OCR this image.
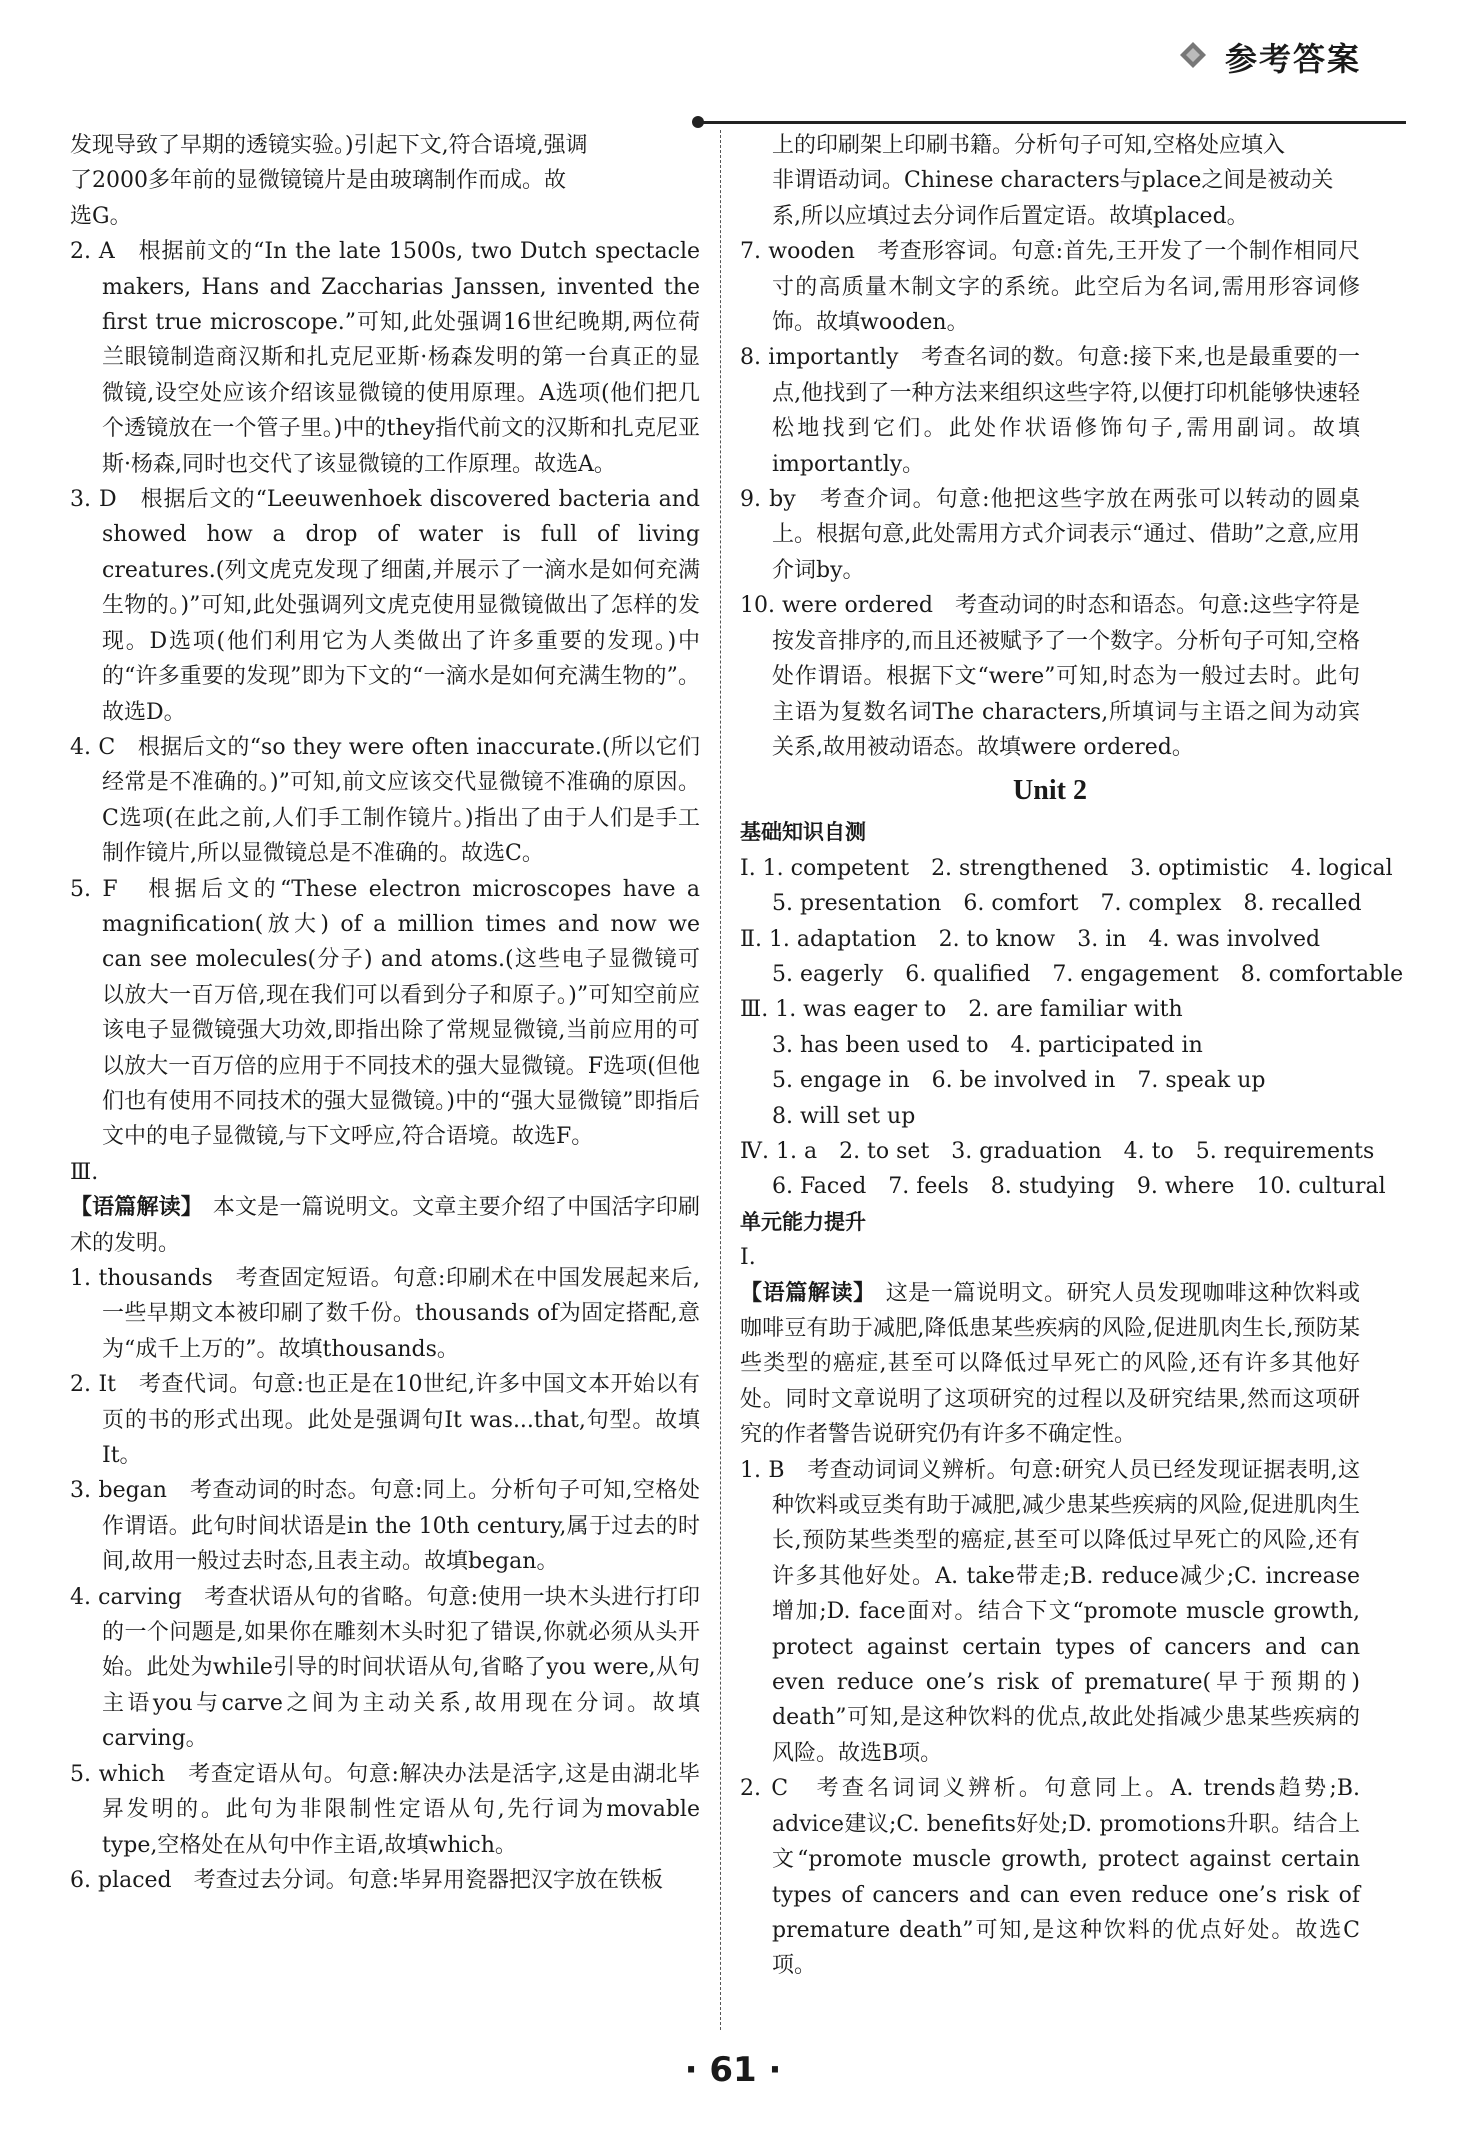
参考答案

发现导致了早期的透镜实验。)引起下文,符合语境,强调

了2000多年前的显微镜镜片是由玻璃制作而成。故

选G。

2. A　根据前文的“In the late 1500s, two Dutch spectacle makers, Hans and Zaccharias Janssen, invented the first true microscope.”可知,此处强调16世纪晚期,两位荷兰眼镜制造商汉斯和扎克尼亚斯·杨森发明的第一台真正的显微镜,设空处应该介绍该显微镜的使用原理。A选项(他们把几个透镜放在一个管子里。)中的they指代前文的汉斯和扎克尼亚斯·杨森,同时也交代了该显微镜的工作原理。故选A。

3. D　根据后文的“Leeuwenhoek discovered bacteria and showed how a drop of water is full of living creatures.(列文虎克发现了细菌,并展示了一滴水是如何充满生物的。)”可知,此处强调列文虎克使用显微镜做出了怎样的发现。D选项(他们利用它为人类做出了许多重要的发现。)中的“许多重要的发现”即为下文的“一滴水是如何充满生物的”。故选D。

4. C　根据后文的“so they were often inaccurate.(所以它们经常是不准确的。)”可知,前文应该交代显微镜不准确的原因。C选项(在此之前,人们手工制作镜片。)指出了由于人们是手工制作镜片,所以显微镜总是不准确的。故选C。

5. F　根据后文的“These electron microscopes have a magnification(放大) of a million times and now we can see molecules(分子) and atoms.(这些电子显微镜可以放大一百万倍,现在我们可以看到分子和原子。)”可知空前应该电子显微镜强大功效,即指出除了常规显微镜,当前应用的可以放大一百万倍的应用于不同技术的强大显微镜。F选项(但他们也有使用不同技术的强大显微镜。)中的“强大显微镜”即指后文中的电子显微镜,与下文呼应,符合语境。故选F。

Ⅲ.

【语篇解读】 本文是一篇说明文。文章主要介绍了中国活字印刷术的发明。

1. thousands　考查固定短语。句意:印刷术在中国发展起来后,一些早期文本被印刷了数千份。thousands of为固定搭配,意为“成千上万的”。故填thousands。

2. It　考查代词。句意:也正是在10世纪,许多中国文本开始以有页的书的形式出现。此处是强调句It was...that,句型。故填It。

3. began　考查动词的时态。句意:同上。分析句子可知,空格处作谓语。此句时间状语是in the 10th century,属于过去的时间,故用一般过去时态,且表主动。故填began。

4. carving　考查状语从句的省略。句意:使用一块木头进行打印的一个问题是,如果你在雕刻木头时犯了错误,你就必须从头开始。此处为while引导的时间状语从句,省略了you were,从句主语you与carve之间为主动关系,故用现在分词。故填carving。

5. which　考查定语从句。句意:解决办法是活字,这是由湖北毕昇发明的。此句为非限制性定语从句,先行词为movable type,空格处在从句中作主语,故填which。

6. placed　考查过去分词。句意:毕昇用瓷器把汉字放在铁板

上的印刷架上印刷书籍。分析句子可知,空格处应填入

非谓语动词。Chinese characters与place之间是被动关

系,所以应填过去分词作后置定语。故填placed。

7. wooden　考查形容词。句意:首先,王开发了一个制作相同尺寸的高质量木制文字的系统。此空后为名词,需用形容词修饰。故填wooden。

8. importantly　考查名词的数。句意:接下来,也是最重要的一点,他找到了一种方法来组织这些字符,以便打印机能够快速轻松地找到它们。此处作状语修饰句子,需用副词。故填importantly。

9. by　考查介词。句意:他把这些字放在两张可以转动的圆桌上。根据句意,此处需用方式介词表示“通过、借助”之意,应用介词by。

10. were ordered　考查动词的时态和语态。句意:这些字符是按发音排序的,而且还被赋予了一个数字。分析句子可知,空格处作谓语。根据下文“were”可知,时态为一般过去时。此句主语为复数名词The characters,所填词与主语之间为动宾关系,故用被动语态。故填were ordered。

Unit 2
基础知识自测
Ⅰ. 1. competent 2. strengthened 3. optimistic 4. logical
5. presentation 6. comfort 7. complex 8. recalled
Ⅱ. 1. adaptation 2. to know 3. in 4. was involved
5. eagerly 6. qualified 7. engagement 8. comfortable
Ⅲ. 1. was eager to 2. are familiar with
3. has been used to 4. participated in
5. engage in 6. be involved in 7. speak up
8. will set up
Ⅳ. 1. a 2. to set 3. graduation 4. to 5. requirements
6. Faced 7. feels 8. studying 9. where 10. cultural
单元能力提升

Ⅰ.

【语篇解读】 这是一篇说明文。研究人员发现咖啡这种饮料或咖啡豆有助于减肥,降低患某些疾病的风险,促进肌肉生长,预防某些类型的癌症,甚至可以降低过早死亡的风险,还有许多其他好处。同时文章说明了这项研究的过程以及研究结果,然而这项研究的作者警告说研究仍有许多不确定性。

1. B　考查动词词义辨析。句意:研究人员已经发现证据表明,这种饮料或豆类有助于减肥,减少患某些疾病的风险,促进肌肉生长,预防某些类型的癌症,甚至可以降低过早死亡的风险,还有许多其他好处。A. take带走;B. reduce减少;C. increase增加;D. face面对。结合下文“promote muscle growth, protect against certain types of cancers and can even reduce one’s risk of premature(早于预期的) death”可知,是这种饮料的优点,故此处指减少患某些疾病的风险。故选B项。

2. C　考查名词词义辨析。句意同上。A. trends趋势;B. advice建议;C. benefits好处;D. promotions升职。结合上文“promote muscle growth, protect against certain types of cancers and can even reduce one’s risk of premature death”可知,是这种饮料的优点好处。故选C项。

· 61 ·
